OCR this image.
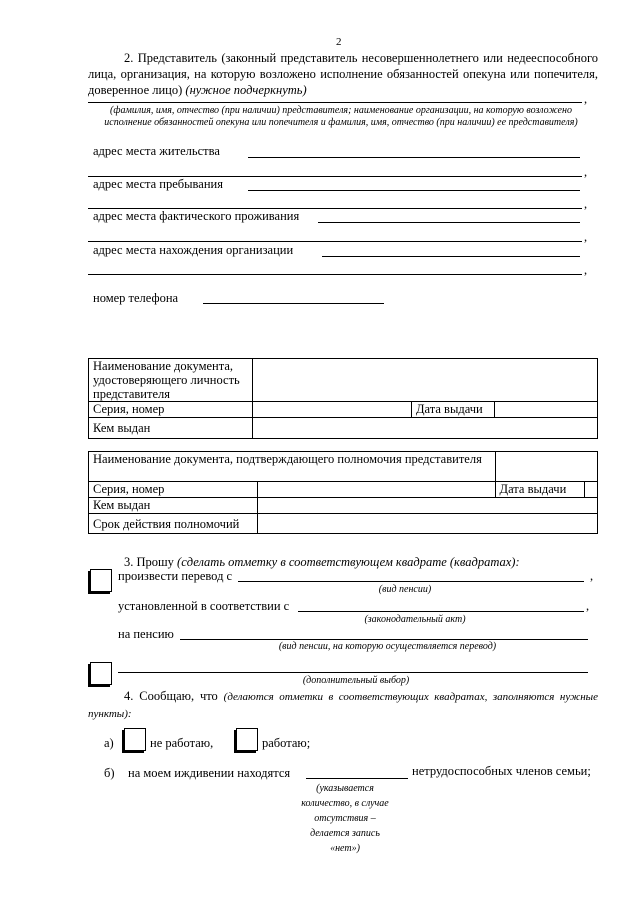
2
2. Представитель (законный представитель несовершеннолетнего или недееспособного лица, организация, на которую возложено исполнение обязанностей опекуна или попечителя, доверенное лицо) (нужное подчеркнуть)
,
(фамилия, имя, отчество (при наличии) представителя; наименование организации, на которую возложено исполнение обязанностей опекуна или попечителя и фамилия, имя, отчество (при наличии) ее представителя)
адрес места жительства
,
адрес места пребывания
,
адрес места фактического проживания
,
адрес места нахождения организации
,
номер телефона
Наименование документа, удостоверяющего личность представителя			
Серия, номер		Дата выдачи	
Кем выдан			
Наименование документа, подтверждающего полномочия представителя			
Серия, номер		Дата выдачи	
Кем выдан			
Срок действия полномочий			
3. Прошу (сделать отметку в соответствующем квадрате (квадратах):
произвести перевод с	,
(вид пенсии)
установленной в соответствии с	,
(законодательный акт)
на пенсию
(вид пенсии, на которую осуществляется перевод)
(дополнительный выбор)
4. Сообщаю, что (делаются отметки в соответствующих квадратах, заполняются нужные пункты):
а)	не работаю,	работаю;
б) на моем иждивении находятся	нетрудоспособных членов семьи;
(указывается
количество, в случае
отсутствия –
делается запись
«нет»)
